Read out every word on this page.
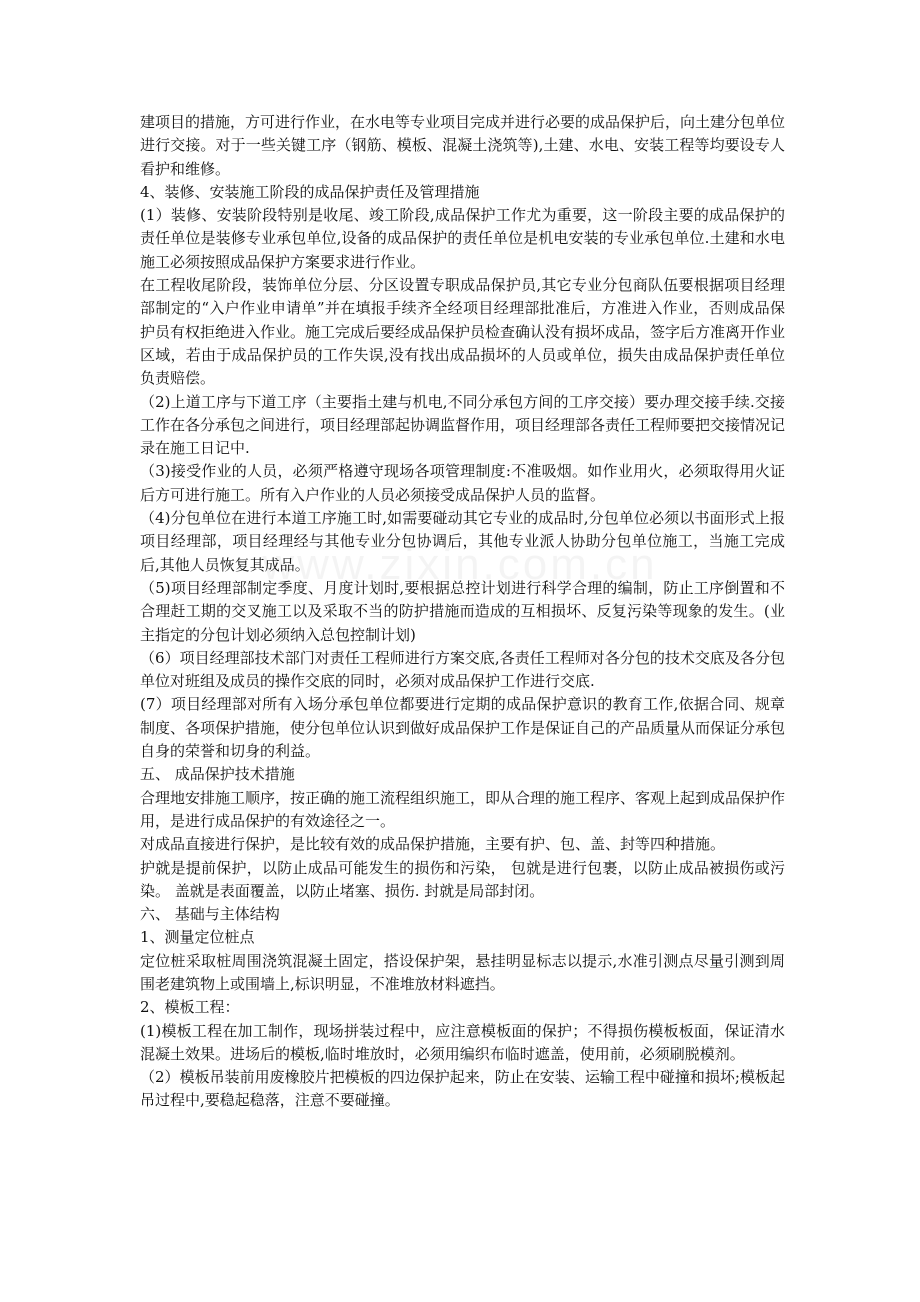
建项目的措施，方可进行作业，在水电等专业项目完成并进行必要的成品保护后，向土建分包单位进行交接。对于一些关键工序（钢筋、模板、混凝土浇筑等),土建、水电、安装工程等均要设专人看护和维修。

4、装修、安装施工阶段的成品保护责任及管理措施

(1）装修、安装阶段特别是收尾、竣工阶段,成品保护工作尤为重要，这一阶段主要的成品保护的责任单位是装修专业承包单位,设备的成品保护的责任单位是机电安装的专业承包单位.土建和水电施工必须按照成品保护方案要求进行作业。

在工程收尾阶段，装饰单位分层、分区设置专职成品保护员,其它专业分包商队伍要根据项目经理部制定的“入户作业申请单”并在填报手续齐全经项目经理部批准后，方准进入作业，否则成品保护员有权拒绝进入作业。施工完成后要经成品保护员检查确认没有损坏成品，签字后方准离开作业区域，若由于成品保护员的工作失误,没有找出成品损坏的人员或单位，损失由成品保护责任单位负责赔偿。

（2)上道工序与下道工序（主要指土建与机电,不同分承包方间的工序交接）要办理交接手续.交接工作在各分承包之间进行，项目经理部起协调监督作用，项目经理部各责任工程师要把交接情况记录在施工日记中.

（3)接受作业的人员，必须严格遵守现场各项管理制度:不准吸烟。如作业用火，必须取得用火证后方可进行施工。所有入户作业的人员必须接受成品保护人员的监督。

（4)分包单位在进行本道工序施工时,如需要碰动其它专业的成品时,分包单位必须以书面形式上报项目经理部，项目经理经与其他专业分包协调后，其他专业派人协助分包单位施工，当施工完成后,其他人员恢复其成品。

（5)项目经理部制定季度、月度计划时,要根据总控计划进行科学合理的编制，防止工序倒置和不合理赶工期的交叉施工以及采取不当的防护措施而造成的互相损坏、反复污染等现象的发生。(业主指定的分包计划必须纳入总包控制计划)

（6）项目经理部技术部门对责任工程师进行方案交底,各责任工程师对各分包的技术交底及各分包单位对班组及成员的操作交底的同时，必须对成品保护工作进行交底.

(7）项目经理部对所有入场分承包单位都要进行定期的成品保护意识的教育工作,依据合同、规章制度、各项保护措施，使分包单位认识到做好成品保护工作是保证自己的产品质量从而保证分承包自身的荣誉和切身的利益。

五、 成品保护技术措施

合理地安排施工顺序，按正确的施工流程组织施工，即从合理的施工程序、客观上起到成品保护作用，是进行成品保护的有效途径之一。

对成品直接进行保护，是比较有效的成品保护措施，主要有护、包、盖、封等四种措施。

护就是提前保护，以防止成品可能发生的损伤和污染， 包就是进行包裹，以防止成品被损伤或污染。 盖就是表面覆盖，以防止堵塞、损伤. 封就是局部封闭。

六、 基础与主体结构

1、测量定位桩点

定位桩采取桩周围浇筑混凝土固定，搭设保护架，悬挂明显标志以提示,水准引测点尽量引测到周围老建筑物上或围墙上,标识明显，不准堆放材料遮挡。

2、模板工程：

(1)模板工程在加工制作，现场拼装过程中，应注意模板面的保护；不得损伤模板板面，保证清水混凝土效果。进场后的模板,临时堆放时，必须用编织布临时遮盖，使用前，必须刷脱模剂。

（2）模板吊装前用废橡胶片把模板的四边保护起来，防止在安装、运输工程中碰撞和损坏;模板起吊过程中,要稳起稳落，注意不要碰撞。
